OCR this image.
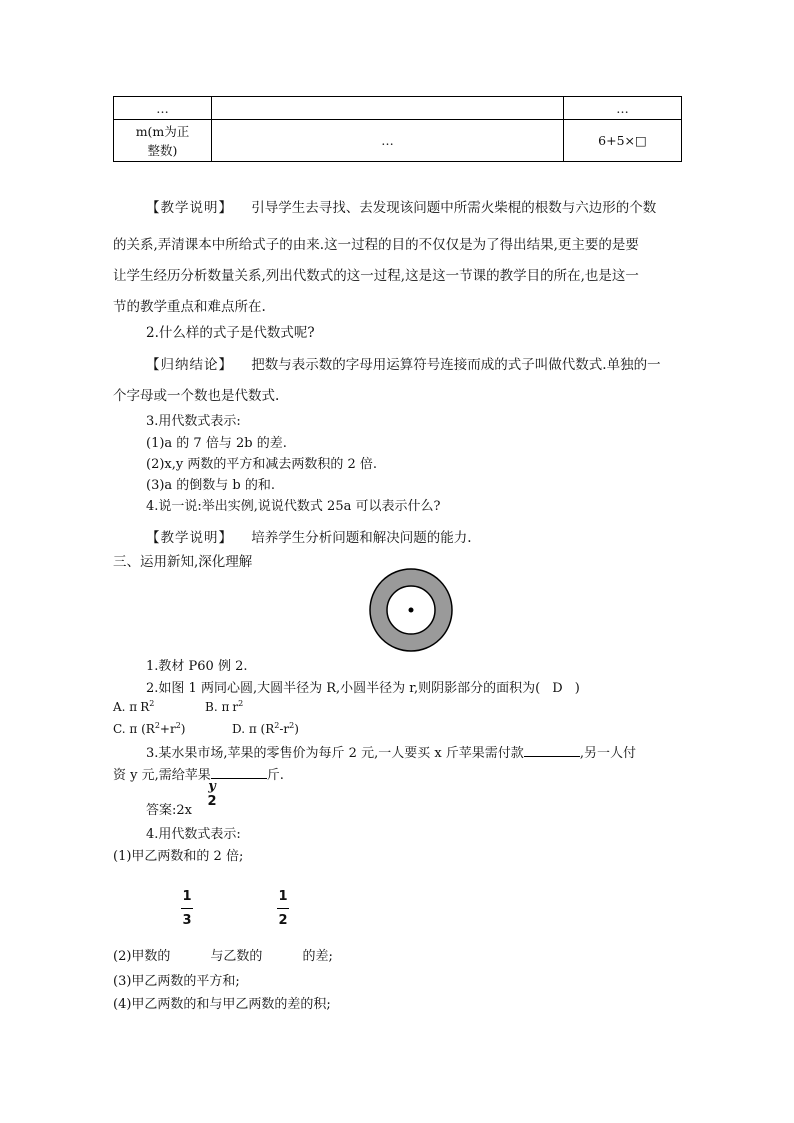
…		…

m(m为正
整数)	…	6+5×□
【教学说明】 引导学生去寻找、去发现该问题中所需火柴棍的根数与六边形的个数
的关系,弄清课本中所给式子的由来.这一过程的目的不仅仅是为了得出结果,更主要的是要
让学生经历分析数量关系,列出代数式的这一过程,这是这一节课的教学目的所在,也是这一
节的教学重点和难点所在.
2.什么样的式子是代数式呢?
【归纳结论】 把数与表示数的字母用运算符号连接而成的式子叫做代数式.单独的一
个字母或一个数也是代数式.
3.用代数式表示:
(1)a 的 7 倍与 2b 的差.
(2)x,y 两数的平方和减去两数积的 2 倍.
(3)a 的倒数与 b 的和.
4.说一说:举出实例,说说代数式 25a 可以表示什么?
【教学说明】 培养学生分析问题和解决问题的能力.
三、运用新知,深化理解
1.教材 P60 例 2.
2.如图 1 两同心圆,大圆半径为 R,小圆半径为 r,则阴影部分的面积为( D )
A. π $R^2$	B. π $r^2$
C. π $(R^2+r^2)$	D. π $(R^2-r^2)$
3.某水果市场,苹果的零售价为每斤 2 元,一人要买 x 斤苹果需付款	,另一人付
资 y 元,需给苹果	斤.
答案:2x
y
2
4.用代数式表示:
(1)甲乙两数和的 2 倍;
1
3
1
2
(2)甲数的	与乙数的	的差;
(3)甲乙两数的平方和;
(4)甲乙两数的和与甲乙两数的差的积;
